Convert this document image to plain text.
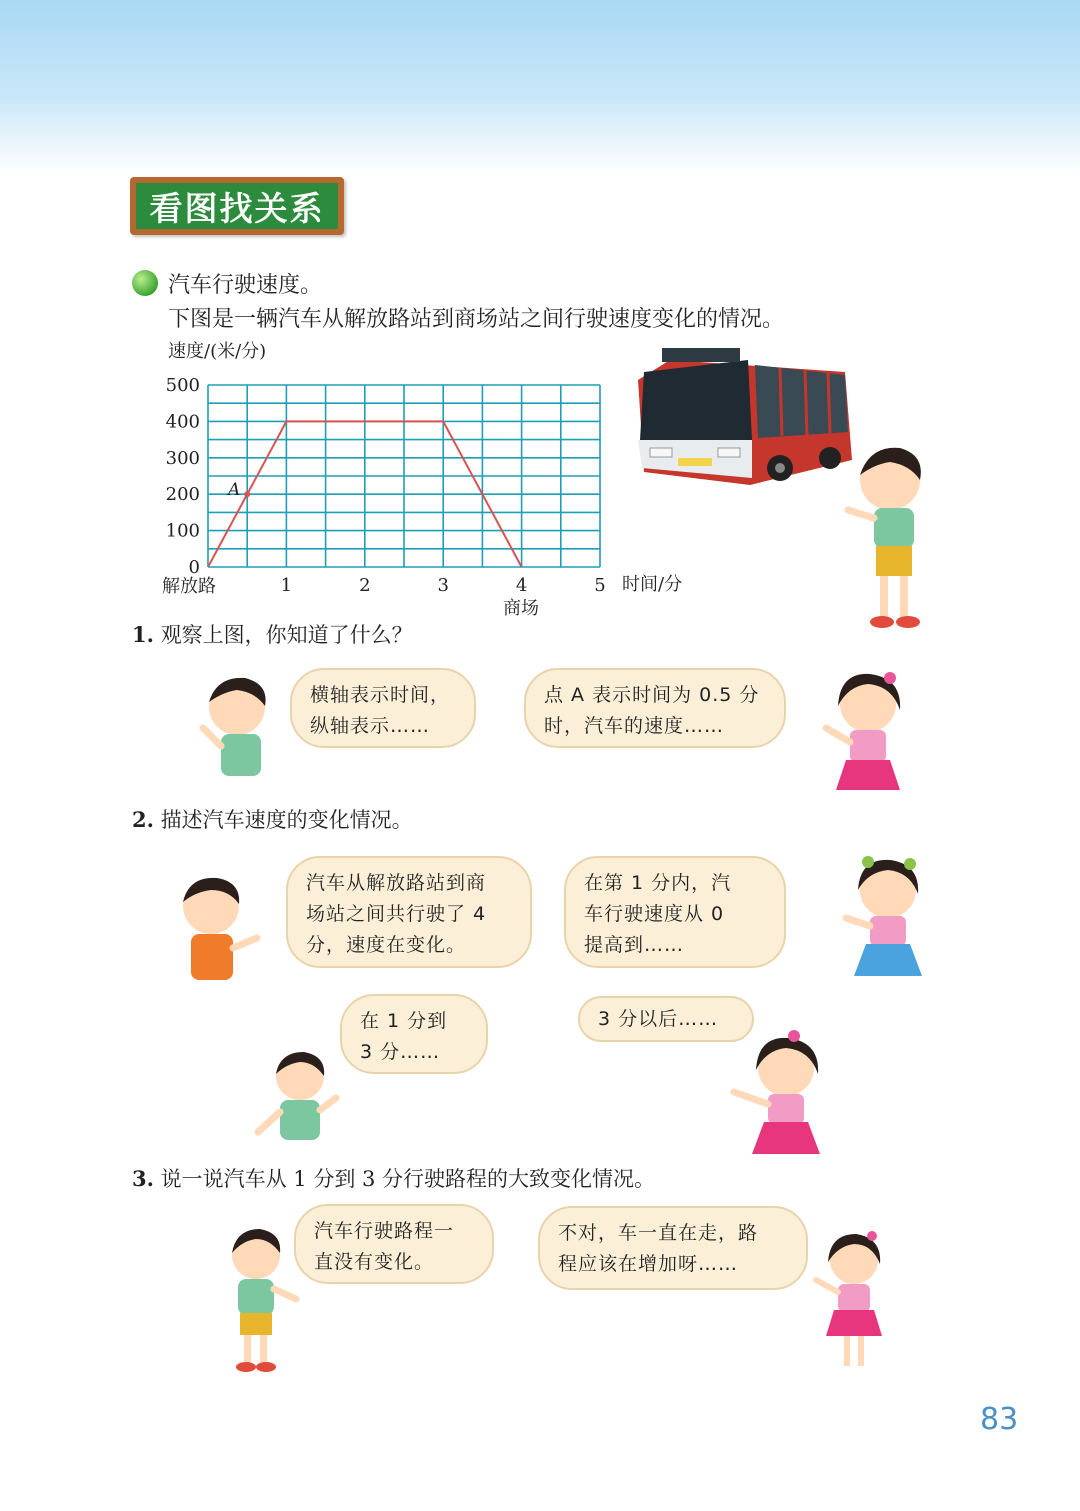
看图找关系
汽车行驶速度。
下图是一辆汽车从解放路站到商场站之间行驶速度变化的情况。
速度/(米/分)
0
100
200
300
400
500
1	2	3	4	5 时间/分
解放路
商场
A
1. 观察上图，你知道了什么？
2. 描述汽车速度的变化情况。
3. 说一说汽车从 1 分到 3 分行驶路程的大致变化情况。
横轴表示时间，
纵轴表示……
点 A 表示时间为 0.5 分
时，汽车的速度……
汽车从解放路站到商
场站之间共行驶了 4
分，速度在变化。
在第 1 分内，汽
车行驶速度从 0
提高到……
在 1 分到
3 分……
3 分以后……
汽车行驶路程一
直没有变化。
不对，车一直在走，路
程应该在增加呀……
83
